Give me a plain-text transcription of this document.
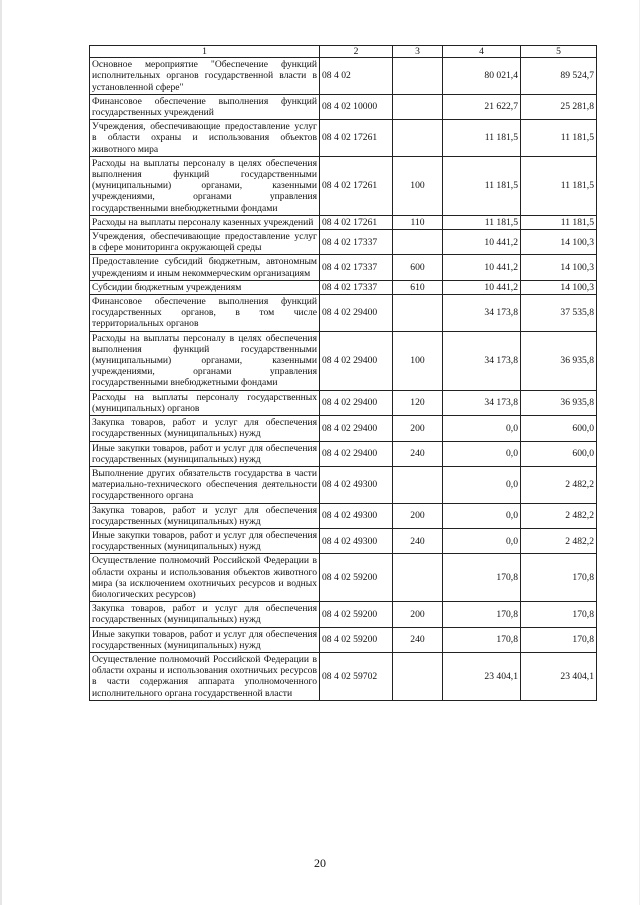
1	2	3	4	5
Основное мероприятие "Обеспечение функций исполнительных органов государственной власти в установленной сфере"	08 4 02		80 021,4	89 524,7
Финансовое обеспечение выполнения функций государственных учреждений	08 4 02 10000		21 622,7	25 281,8
Учреждения, обеспечивающие предоставление услуг в области охраны и использования объектов животного мира	08 4 02 17261		11 181,5	11 181,5
Расходы на выплаты персоналу в целях обеспечения выполнения функций государственными (муниципальными) органами, казенными учреждениями, органами управления государственными внебюджетными фондами	08 4 02 17261	100	11 181,5	11 181,5
Расходы на выплаты персоналу казенных учреждений	08 4 02 17261	110	11 181,5	11 181,5
Учреждения, обеспечивающие предоставление услуг в сфере мониторинга окружающей среды	08 4 02 17337		10 441,2	14 100,3
Предоставление субсидий бюджетным, автономным учреждениям и иным некоммерческим организациям	08 4 02 17337	600	10 441,2	14 100,3
Субсидии бюджетным учреждениям	08 4 02 17337	610	10 441,2	14 100,3
Финансовое обеспечение выполнения функций государственных органов, в том числе территориальных органов	08 4 02 29400		34 173,8	37 535,8
Расходы на выплаты персоналу в целях обеспечения выполнения функций государственными (муниципальными) органами, казенными учреждениями, органами управления государственными внебюджетными фондами	08 4 02 29400	100	34 173,8	36 935,8
Расходы на выплаты персоналу государственных (муниципальных) органов	08 4 02 29400	120	34 173,8	36 935,8
Закупка товаров, работ и услуг для обеспечения государственных (муниципальных) нужд	08 4 02 29400	200	0,0	600,0
Иные закупки товаров, работ и услуг для обеспечения государственных (муниципальных) нужд	08 4 02 29400	240	0,0	600,0
Выполнение других обязательств государства в части материально-технического обеспечения деятельности государственного органа	08 4 02 49300		0,0	2 482,2
Закупка товаров, работ и услуг для обеспечения государственных (муниципальных) нужд	08 4 02 49300	200	0,0	2 482,2
Иные закупки товаров, работ и услуг для обеспечения государственных (муниципальных) нужд	08 4 02 49300	240	0,0	2 482,2
Осуществление полномочий Российской Федерации в области охраны и использования объектов животного мира (за исключением охотничьих ресурсов и водных биологических ресурсов)	08 4 02 59200		170,8	170,8
Закупка товаров, работ и услуг для обеспечения государственных (муниципальных) нужд	08 4 02 59200	200	170,8	170,8
Иные закупки товаров, работ и услуг для обеспечения государственных (муниципальных) нужд	08 4 02 59200	240	170,8	170,8
Осуществление полномочий Российской Федерации в области охраны и использования охотничьих ресурсов в части содержания аппарата уполномоченного исполнительного органа государственной власти	08 4 02 59702		23 404,1	23 404,1
20
